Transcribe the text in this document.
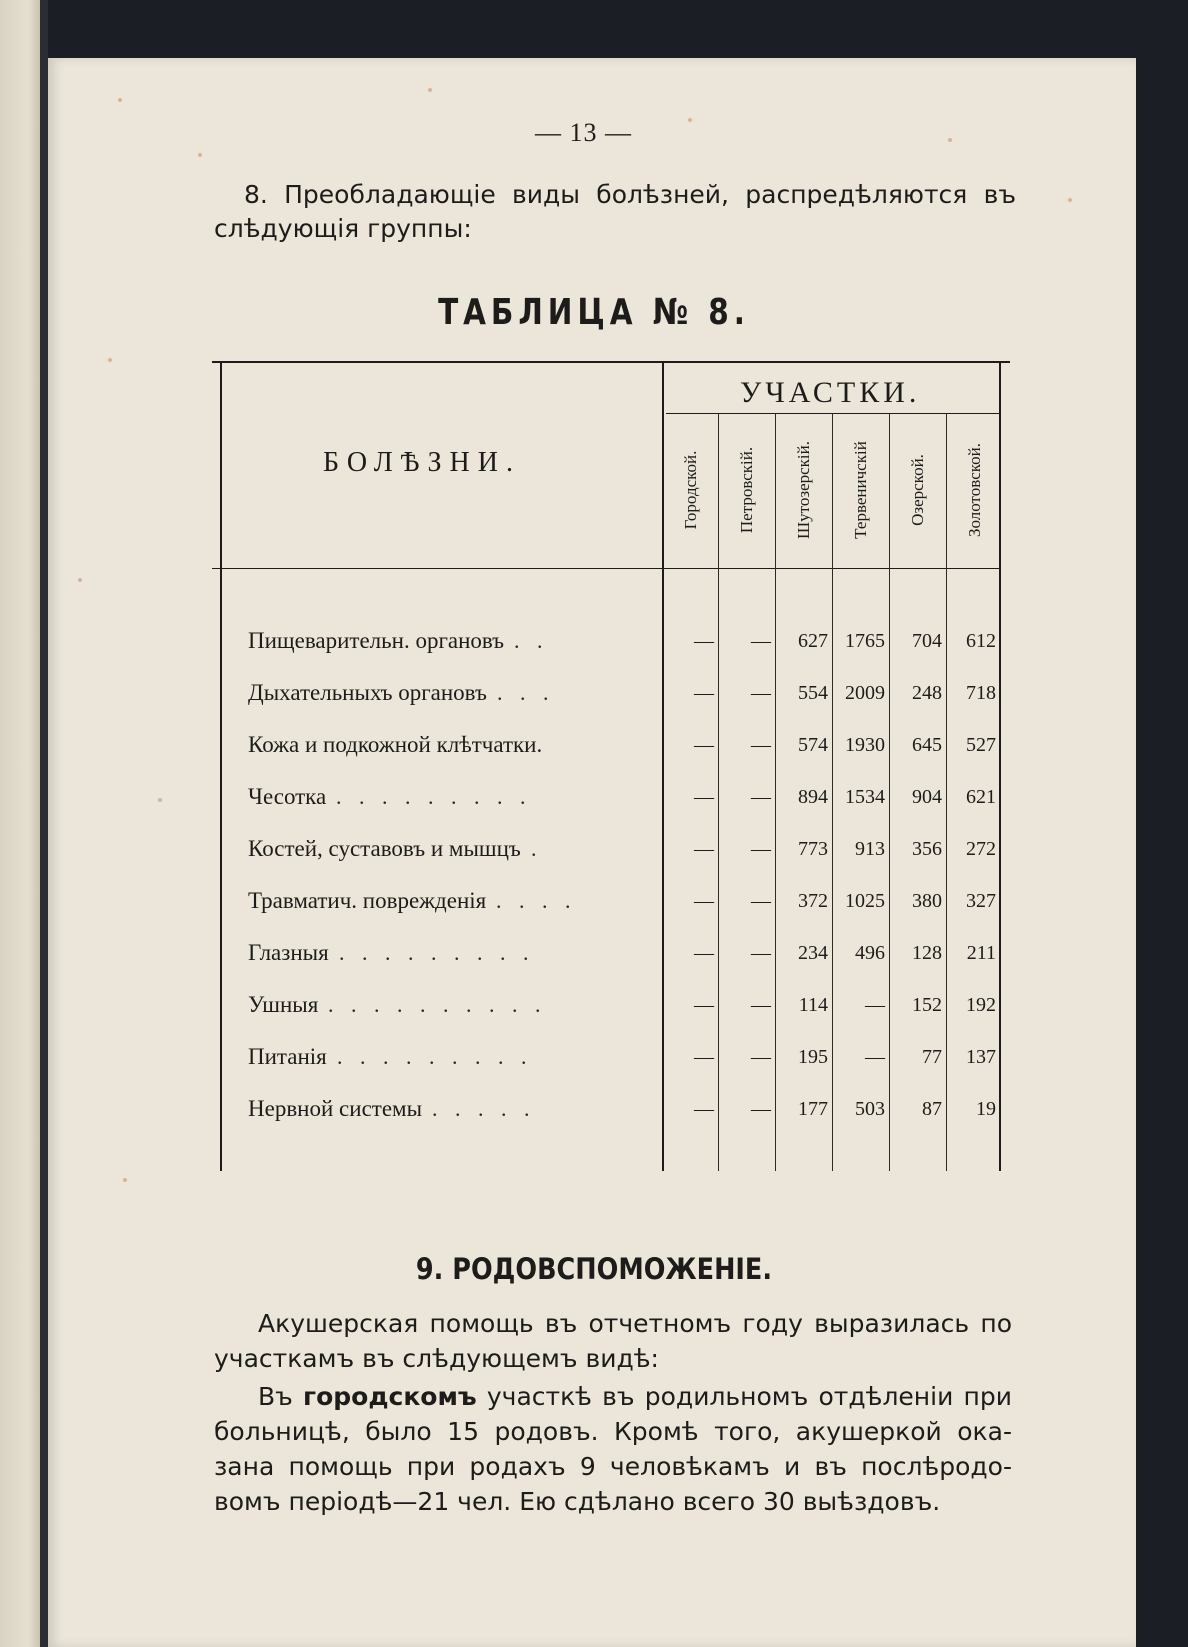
— 13 —
8. Преобладающіе виды болѣзней, распредѣляются въ
слѣдующія группы:
ТАБЛИЦА № 8.
УЧАСТКИ.
БОЛѢЗНИ.	Городской. Петровскій. Шутозерскій. Тервеничскій Озерской. Золотовской.
Пищеварительн. органовъ . .	— — 627 1765 704 612
Дыхательныхъ органовъ . . .	— — 554 2009 248 718
Кожа и подкожной клѣтчатки.	— — 574 1930 645 527
Чесотка . . . . . . . . .	— — 894 1534 904 621
Костей, суставовъ и мышцъ .	— — 773 913 356 272
Травматич. поврежденія . . . .	— — 372 1025 380 327
Глазныя . . . . . . . . .	— — 234 496 128 211
Ушныя . . . . . . . . . .	— — 114 — 152 192
Питанія . . . . . . . . .	— — 195 — 77 137
Нервной системы . . . . .	— — 177 503 87 19
9. РОДОВСПОМОЖЕНІЕ.

Акушерская помощь въ отчетномъ году выразилась по

участкамъ въ слѣдующемъ видѣ:

Въ городскомъ участкѣ въ родильномъ отдѣленіи при

больницѣ, было 15 родовъ. Кромѣ того, акушеркой ока-

зана помощь при родахъ 9 человѣкамъ и въ послѣродо-

вомъ періодѣ—21 чел. Ею сдѣлано всего 30 выѣздовъ.
